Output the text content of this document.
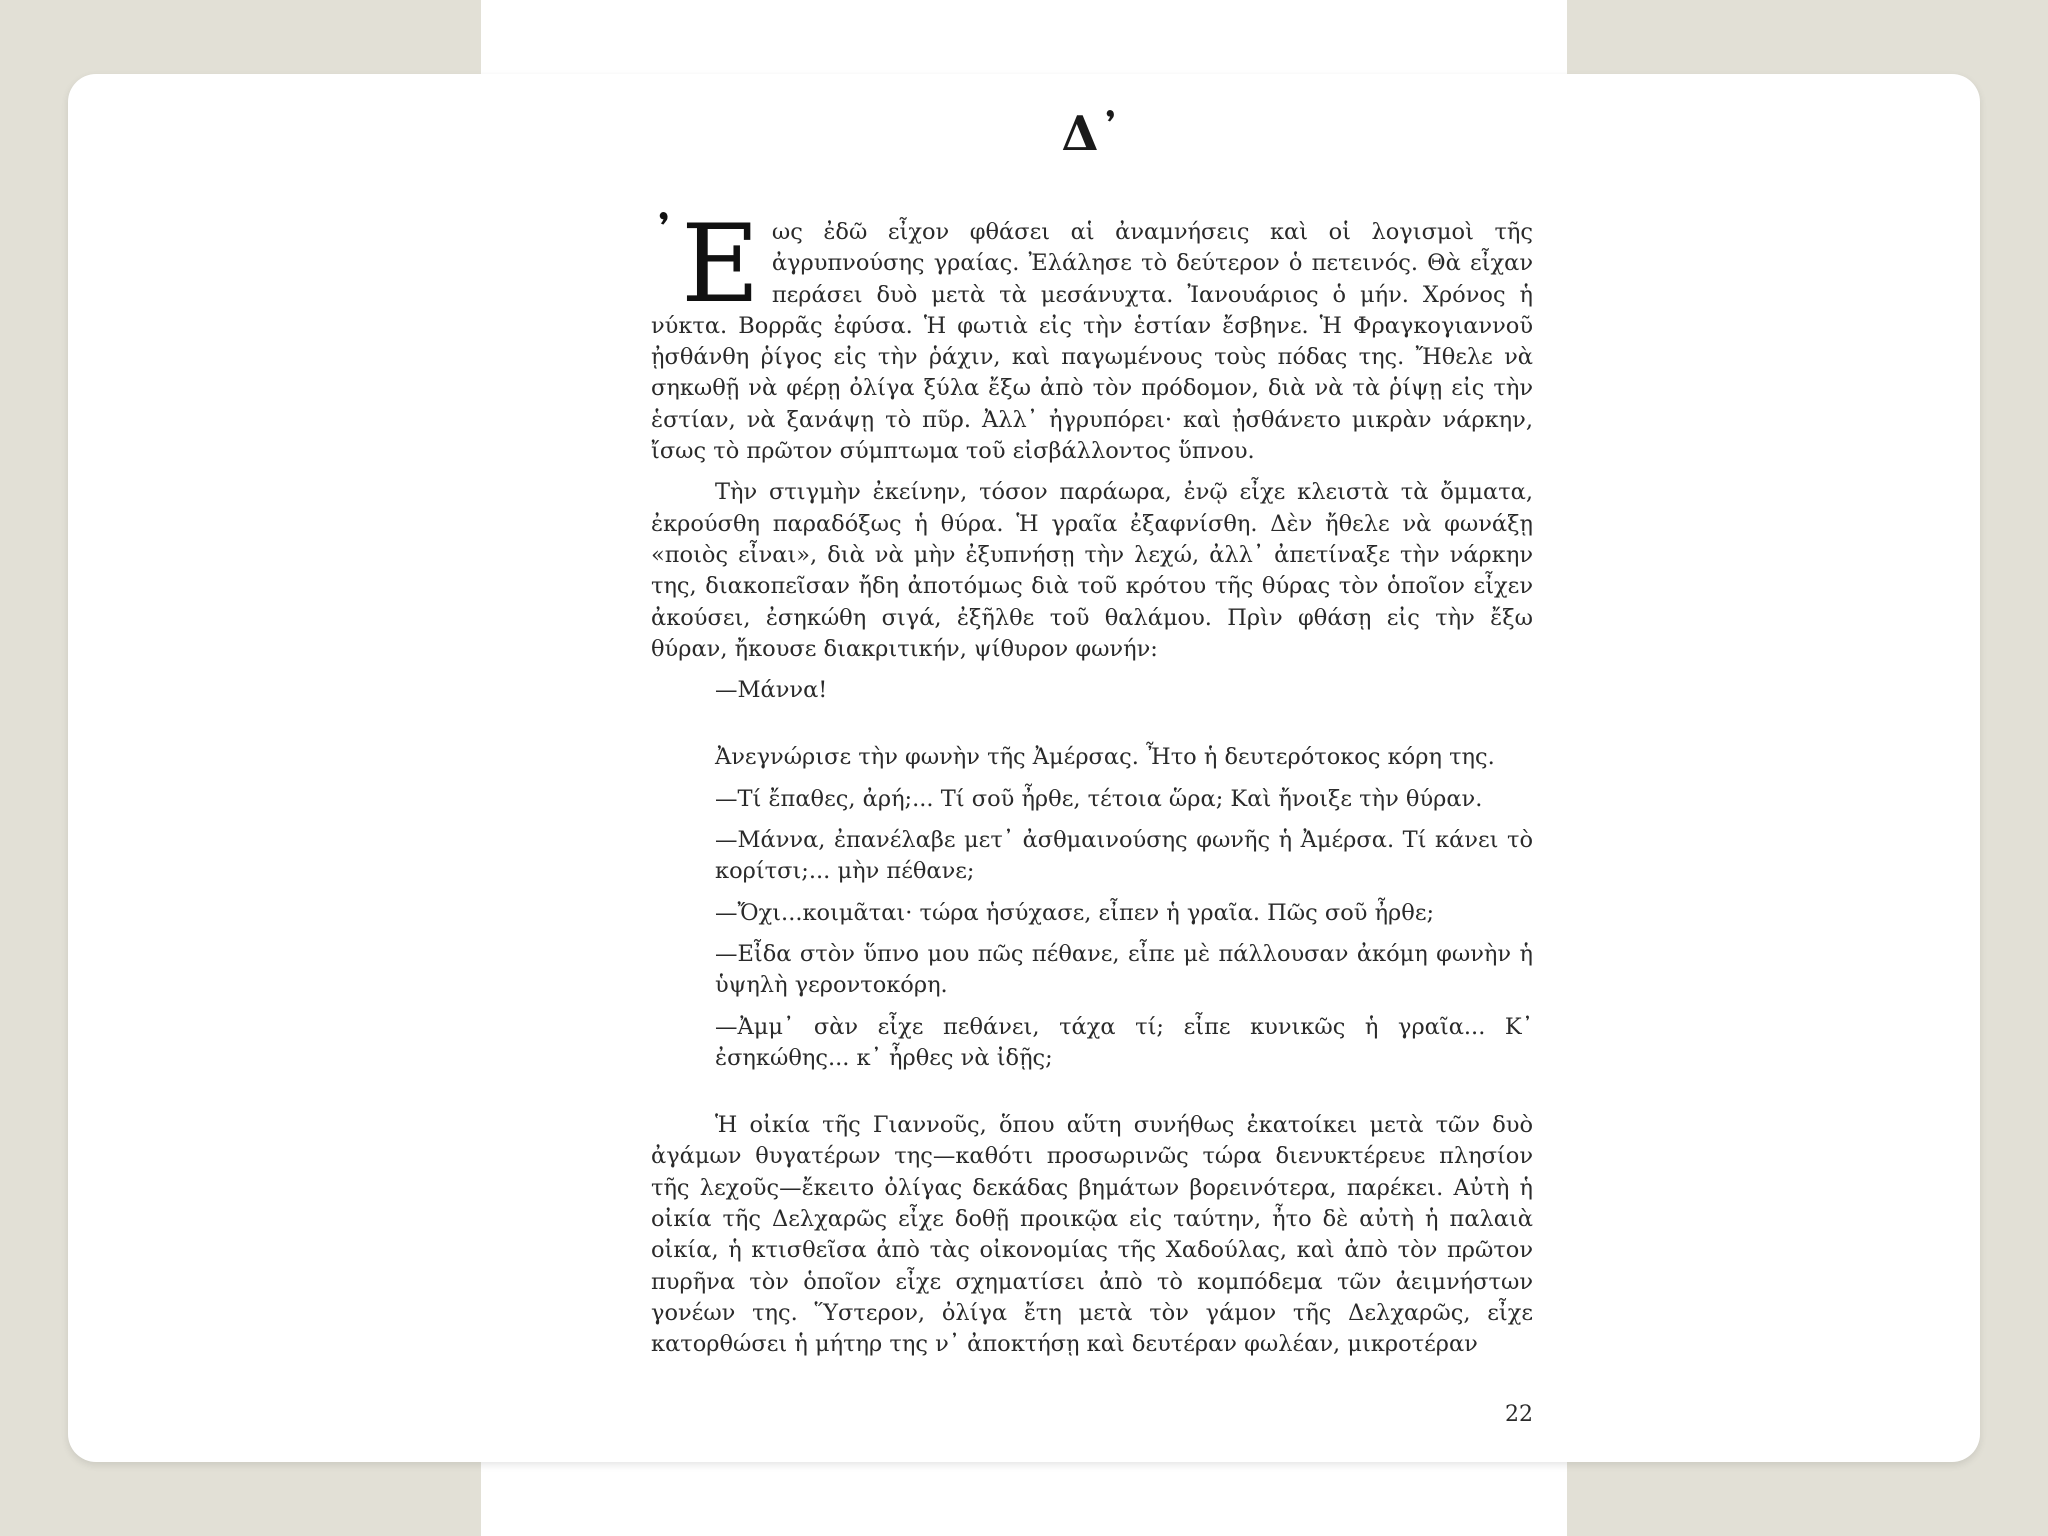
Δ᾽

᾽ Ε ως ἐδῶ εἶχον φθάσει αἱ ἀναμνήσεις καὶ οἱ λογισμοὶ τῆς ἀγρυπνούσης γραίας. Ἐλάλησε τὸ δεύτερον ὁ πετεινός. Θὰ εἶχαν περάσει δυὸ μετὰ τὰ μεσάνυχτα. Ἰανουάριος ὁ μήν. Χρόνος ἡ νύκτα. Βορρᾶς ἐφύσα. Ἡ φωτιὰ εἰς τὴν ἑστίαν ἔσβηνε. Ἡ Φραγκογιαννοῦ ᾐσθάνθη ῥίγος εἰς τὴν ῥάχιν, καὶ παγωμένους τοὺς πόδας της. Ἤθελε νὰ σηκωθῇ νὰ φέρῃ ὀλίγα ξύλα ἔξω ἀπὸ τὸν πρόδομον, διὰ νὰ τὰ ῥίψῃ εἰς τὴν ἑστίαν, νὰ ξανάψῃ τὸ πῦρ. Ἀλλ᾽ ἠγρυπόρει· καὶ ᾐσθάνετο μικρὰν νάρκην, ἴσως τὸ πρῶτον σύμπτωμα τοῦ εἰσβάλλοντος ὕπνου.

Τὴν στιγμὴν ἐκείνην, τόσον παράωρα, ἐνῷ εἶχε κλειστὰ τὰ ὄμματα, ἐκρούσθη παραδόξως ἡ θύρα. Ἡ γραῖα ἐξαφνίσθη. Δὲν ἤθελε νὰ φωνάξῃ «ποιὸς εἶναι», διὰ νὰ μὴν ἐξυπνήσῃ τὴν λεχώ, ἀλλ᾽ ἀπετίναξε τὴν νάρκην της, διακοπεῖσαν ἤδη ἀποτόμως διὰ τοῦ κρότου τῆς θύρας τὸν ὁποῖον εἶχεν ἀκούσει, ἐσηκώθη σιγά, ἐξῆλθε τοῦ θαλάμου. Πρὶν φθάσῃ εἰς τὴν ἔξω θύραν, ἤκουσε διακριτικήν, ψίθυρον φωνήν:

—Μάννα!

Ἀνεγνώρισε τὴν φωνὴν τῆς Ἀμέρσας. Ἦτο ἡ δευτερότοκος κόρη της.

—Τί ἔπαθες, ἀρή;... Τί σοῦ ἦρθε, τέτοια ὥρα; Καὶ ἤνοιξε τὴν θύραν.

—Μάννα, ἐπανέλαβε μετ᾽ ἀσθμαινούσης φωνῆς ἡ Ἀμέρσα. Τί κάνει τὸ κορίτσι;... μὴν πέθανε;

—Ὄχι...κοιμᾶται· τώρα ἡσύχασε, εἶπεν ἡ γραῖα. Πῶς σοῦ ἦρθε;

—Εἶδα στὸν ὕπνο μου πῶς πέθανε, εἶπε μὲ πάλλουσαν ἀκόμη φωνὴν ἡ ὑψηλὴ γεροντοκόρη.

—Ἀμμ᾽ σὰν εἶχε πεθάνει, τάχα τί; εἶπε κυνικῶς ἡ γραῖα... Κ᾽ ἐσηκώθης... κ᾽ ἦρθες νὰ ἰδῇς;

Ἡ οἰκία τῆς Γιαννοῦς, ὅπου αὕτη συνήθως ἐκατοίκει μετὰ τῶν δυὸ ἀγάμων θυγατέρων της—καθότι προσωρινῶς τώρα διενυκτέρευε πλησίον τῆς λεχοῦς—ἔκειτο ὀλίγας δεκάδας βημάτων βορεινότερα, παρέκει. Αὐτὴ ἡ οἰκία τῆς Δελχαρῶς εἶχε δοθῇ προικῷα εἰς ταύτην, ἦτο δὲ αὐτὴ ἡ παλαιὰ οἰκία, ἡ κτισθεῖσα ἀπὸ τὰς οἰκονομίας τῆς Χαδούλας, καὶ ἀπὸ τὸν πρῶτον πυρῆνα τὸν ὁποῖον εἶχε σχηματίσει ἀπὸ τὸ κομπόδεμα τῶν ἀειμνήστων γονέων της. Ὕστερον, ὀλίγα ἔτη μετὰ τὸν γάμον τῆς Δελχαρῶς, εἶχε κατορθώσει ἡ μήτηρ της ν᾽ ἀποκτήσῃ καὶ δευτέραν φωλέαν, μικροτέραν

22
